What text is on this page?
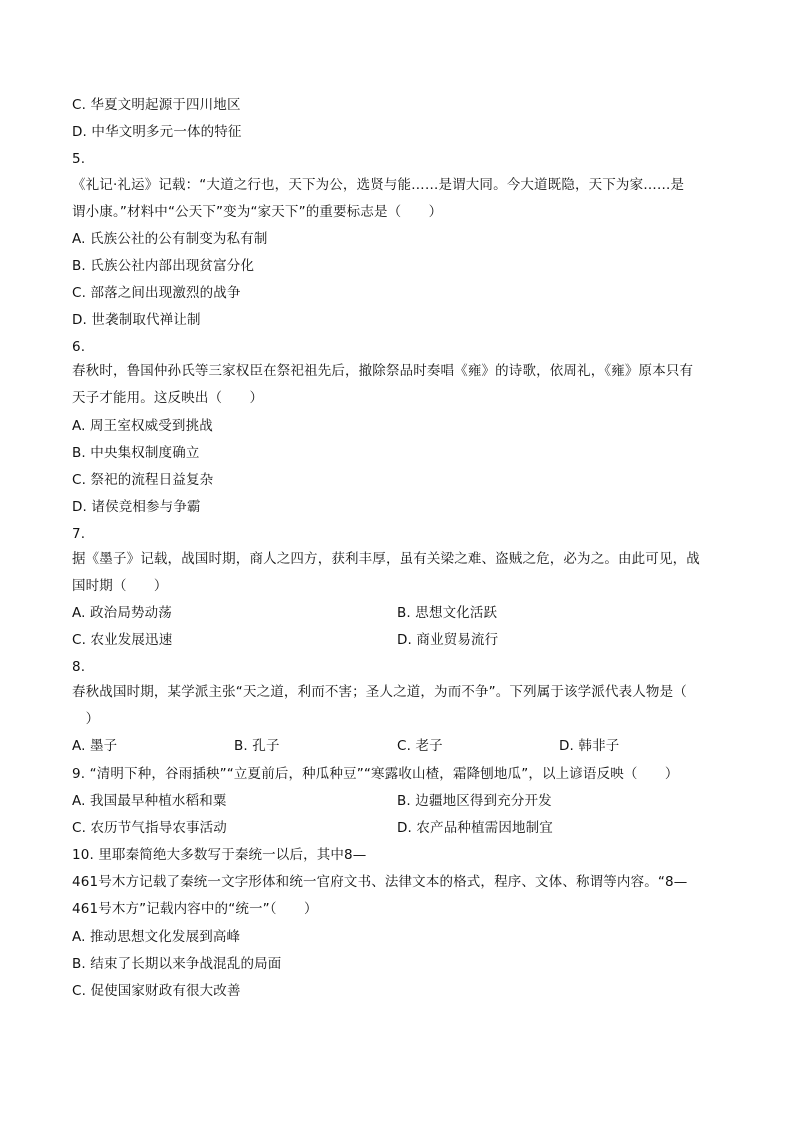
C. 华夏文明起源于四川地区
D. 中华文明多元一体的特征
5.
《礼记·礼运》记载：“大道之行也，天下为公，选贤与能……是谓大同。今大道既隐，天下为家……是
谓小康。”材料中“公天下”变为“家天下”的重要标志是（　　）
A. 氏族公社的公有制变为私有制
B. 氏族公社内部出现贫富分化
C. 部落之间出现激烈的战争
D. 世袭制取代禅让制
6.
春秋时，鲁国仲孙氏等三家权臣在祭祀祖先后，撤除祭品时奏唱《雍》的诗歌，依周礼，《雍》原本只有
天子才能用。这反映出（　　）
A. 周王室权威受到挑战
B. 中央集权制度确立
C. 祭祀的流程日益复杂
D. 诸侯竞相参与争霸
7.
据《墨子》记载，战国时期，商人之四方，获利丰厚，虽有关梁之难、盗贼之危，必为之。由此可见，战
国时期（　　）
A. 政治局势动荡	B. 思想文化活跃
C. 农业发展迅速	D. 商业贸易流行
8.
春秋战国时期，某学派主张“天之道，利而不害；圣人之道，为而不争”。下列属于该学派代表人物是（
　）
A. 墨子	B. 孔子	C. 老子	D. 韩非子
9. “清明下种，谷雨插秧”“立夏前后，种瓜种豆”“寒露收山楂，霜降刨地瓜”，以上谚语反映（　　）
A. 我国最早种植水稻和粟	B. 边疆地区得到充分开发
C. 农历节气指导农事活动	D. 农产品种植需因地制宜
10. 里耶秦简绝大多数写于秦统一以后，其中8—
461号木方记载了秦统一文字形体和统一官府文书、法律文本的格式，程序、文体、称谓等内容。“8—
461号木方”记载内容中的“统一”（　　）
A. 推动思想文化发展到高峰
B. 结束了长期以来争战混乱的局面
C. 促使国家财政有很大改善
